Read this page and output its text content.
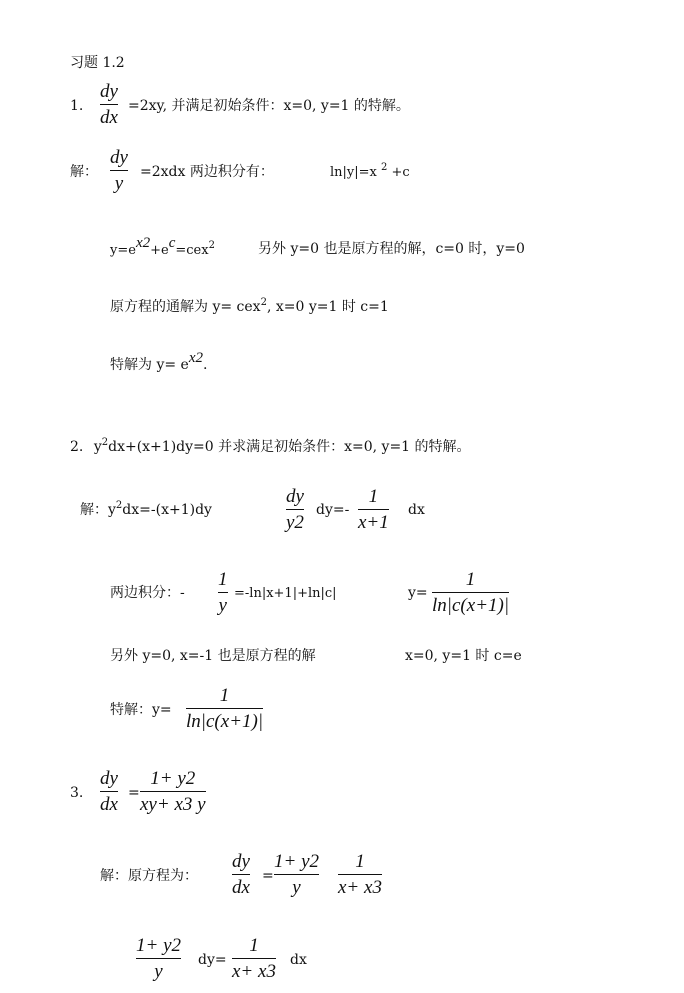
习题 1.2
1.
dy
dx
=2xy, 并满足初始条件：x=0, y=1 的特解。
解：
dy
y
=2xdx 两边积分有：	ln|y|=x $^2$ +c
y=ex2+ec=cex$^2$	另外 y=0 也是原方程的解，c=0 时，y=0
原方程的通解为 y= cex$^2$, x=0 y=1 时 c=1
特解为 y= ex2.
2. $y^2dx+(x+1)dy=0$ 并求满足初始条件：x=0, y=1 的特解。
解：$y^2dx=-(x+1)dy$
dy
y2
dy=-
1
x+1
dx
两边积分：-
1
y
=-ln|x+1|+ln|c|	y=
1
ln|c(x+1)|
另外 y=0, x=-1 也是原方程的解	x=0, y=1 时 c=e
特解：y=
1
ln|c(x+1)|
3.
dy
dx
=
1+ y2
xy+ x3 y
解：原方程为：
dy
dx
=
1+ y2
y
1
x+ x3
1+ y2
y
dy=
1
x+ x3
dx
